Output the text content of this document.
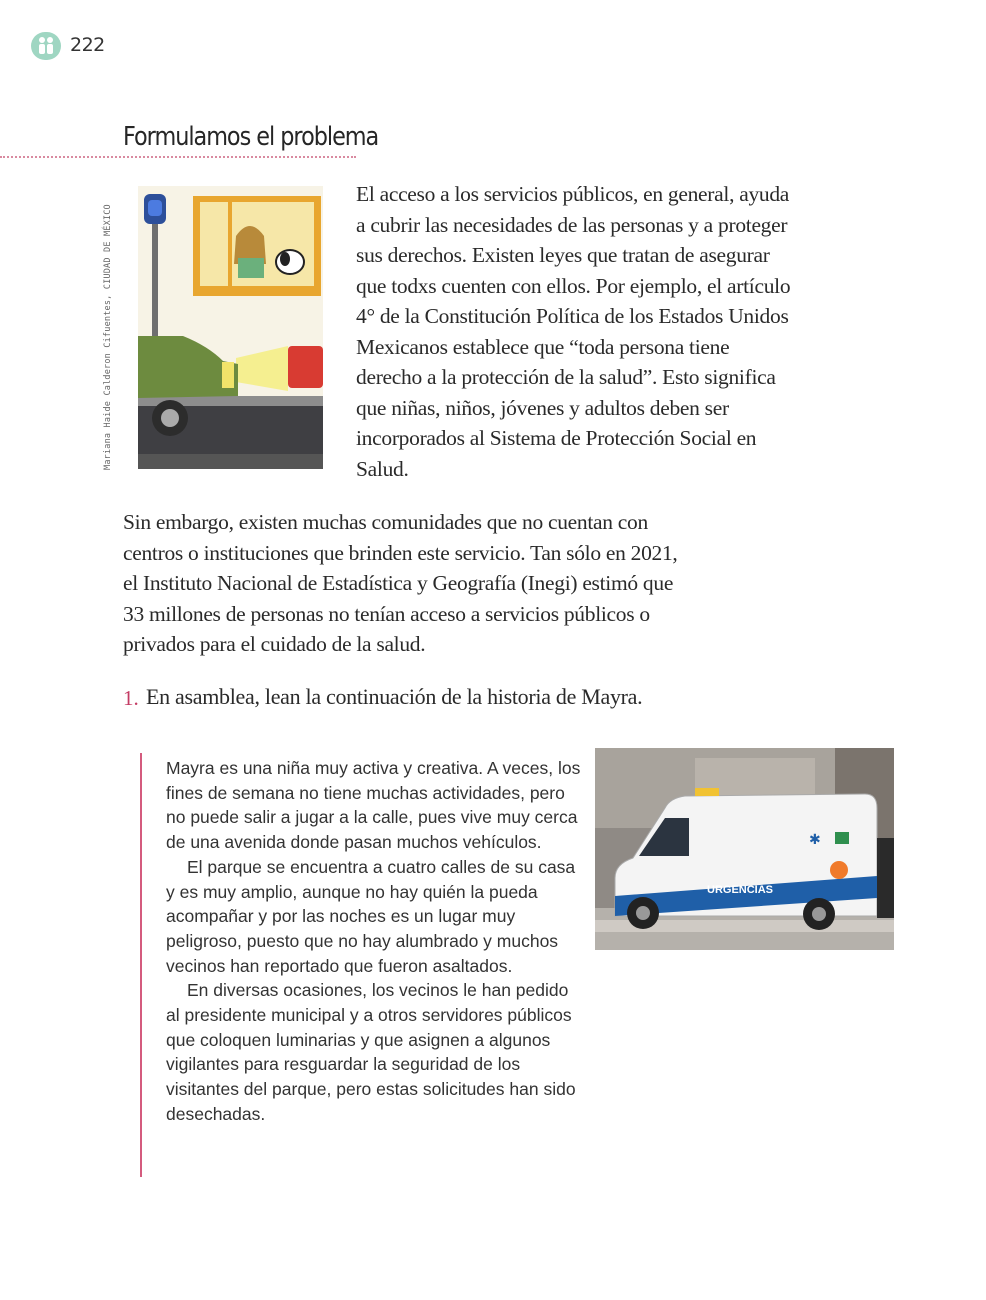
222
Formulamos el problema
Mariana Haide Calderon Cifuentes, CIUDAD DE MÉXICO

El acceso a los servicios públicos, en general, ayuda a cubrir las necesidades de las personas y a proteger sus derechos. Existen leyes que tratan de asegurar que todxs cuenten con ellos. Por ejemplo, el artículo 4° de la Constitución Política de los Estados Unidos Mexicanos establece que “toda persona tiene derecho a la protección de la salud”. Esto significa que niñas, niños, jóvenes y adultos deben ser incorporados al Sistema de Protección Social en Salud.

Sin embargo, existen muchas comunidades que no cuentan con centros o instituciones que brinden este servicio. Tan sólo en 2021, el Instituto Nacional de Estadística y Geografía (Inegi) estimó que 33 millones de personas no tenían acceso a servicios públicos o privados para el cuidado de la salud.

1. En asamblea, lean la continuación de la historia de Mayra.

Mayra es una niña muy activa y creativa. A veces, los fines de semana no tiene muchas actividades, pero no puede salir a jugar a la calle, pues vive muy cerca de una avenida donde pasan muchos vehículos.

El parque se encuentra a cuatro calles de su casa y es muy amplio, aunque no hay quién la pueda acompañar y por las noches es un lugar muy peligroso, puesto que no hay alumbrado y muchos vecinos han reportado que fueron asaltados.

En diversas ocasiones, los vecinos le han pedido al presidente municipal y a otros servidores públicos que coloquen luminarias y que asignen a algunos vigilantes para resguardar la seguridad de los visitantes del parque, pero estas solicitudes han sido desechadas.

URGENCIAS
✱
